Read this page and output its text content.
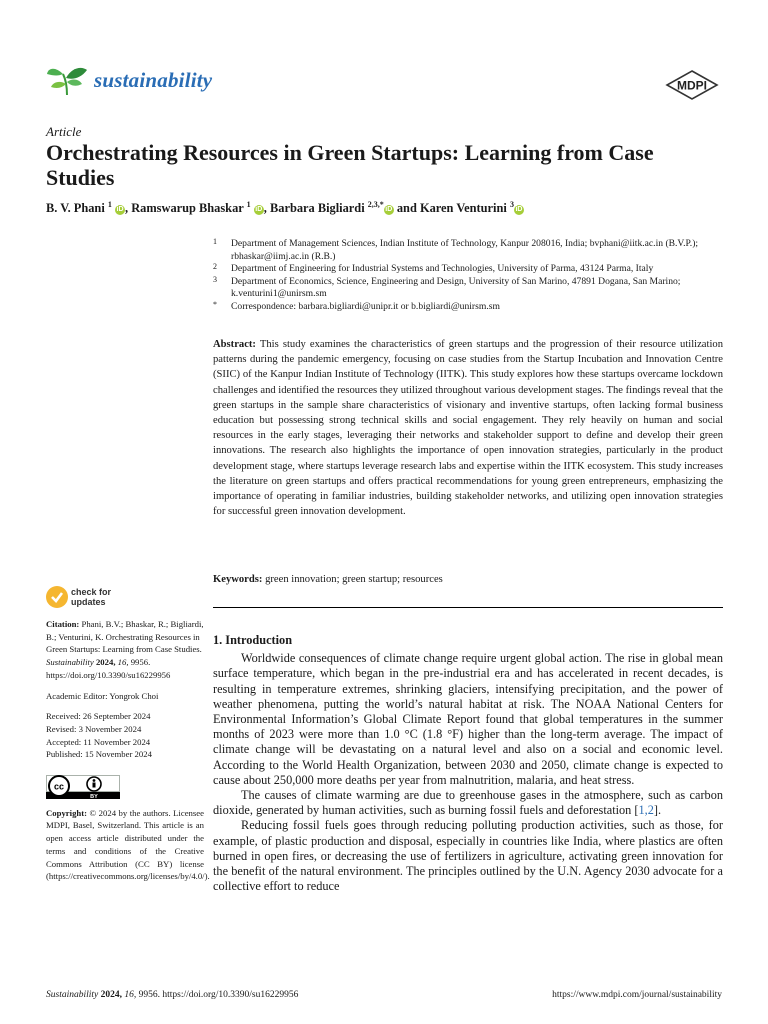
sustainability	MDPI
Article
Orchestrating Resources in Green Startups: Learning from Case Studies
B. V. Phani $^1$ iD , Ramswarup Bhaskar $^1$ iD , Barbara Bigliardi $^{2,3,*}$iD and Karen Venturini $^3$iD
1 Department of Management Sciences, Indian Institute of Technology, Kanpur 208016, India; bvphani@iitk.ac.in (B.V.P.); rbhaskar@iimj.ac.in (R.B.)
2 Department of Engineering for Industrial Systems and Technologies, University of Parma, 43124 Parma, Italy
3 Department of Economics, Science, Engineering and Design, University of San Marino, 47891 Dogana, San Marino; k.venturini1@unirsm.sm
* Correspondence: barbara.bigliardi@unipr.it or b.bigliardi@unirsm.sm
Abstract: This study examines the characteristics of green startups and the progression of their resource utilization patterns during the pandemic emergency, focusing on case studies from the Startup Incubation and Innovation Centre (SIIC) of the Kanpur Indian Institute of Technology (IITK). This study explores how these startups overcame lockdown challenges and identified the resources they utilized throughout various development stages. The findings reveal that the green startups in the sample share characteristics of visionary and inventive startups, often lacking formal business education but possessing strong technical skills and social engagement. They rely heavily on human and social resources in the early stages, leveraging their networks and stakeholder support to define and develop their green innovations. The research also highlights the importance of open innovation strategies, particularly in the product development stage, where startups leverage research labs and expertise within the IITK ecosystem. This study increases the literature on green startups and offers practical recommendations for young green entrepreneurs, emphasizing the importance of operating in familiar industries, building stakeholder networks, and utilizing open innovation strategies for successful green innovation development.
Keywords: green innovation; green startup; resources
check for
updates
Citation: Phani, B.V.; Bhaskar, R.; Bigliardi, B.; Venturini, K. Orchestrating Resources in Green Startups: Learning from Case Studies. Sustainability 2024, 16, 9956. https://doi.org/10.3390/su16229956
Academic Editor: Yongrok Choi
Received: 26 September 2024
Revised: 3 November 2024
Accepted: 11 November 2024
Published: 15 November 2024
cc
BY
Copyright: © 2024 by the authors. Licensee MDPI, Basel, Switzerland. This article is an open access article distributed under the terms and conditions of the Creative Commons Attribution (CC BY) license (https://creativecommons.org/licenses/by/4.0/).
1. Introduction

Worldwide consequences of climate change require urgent global action. The rise in global mean surface temperature, which began in the pre-industrial era and has accelerated in recent decades, is resulting in temperature extremes, shrinking glaciers, intensifying precipitation, and the power of weather phenomena, putting the world’s natural habitat at risk. The NOAA National Centers for Environmental Information’s Global Climate Report found that global temperatures in the summer months of 2023 were more than 1.0 °C (1.8 °F) higher than the long-term average. The impact of climate change will be devastating on a natural level and also on a social and economic level. According to the World Health Organization, between 2030 and 2050, climate change is expected to cause about 250,000 more deaths per year from malnutrition, malaria, and heat stress.

The causes of climate warming are due to greenhouse gases in the atmosphere, such as carbon dioxide, generated by human activities, such as burning fossil fuels and deforestation [1,2].

Reducing fossil fuels goes through reducing polluting production activities, such as those, for example, of plastic production and disposal, especially in countries like India, where plastics are often burned in open fires, or decreasing the use of fertilizers in agriculture, activating green innovation for the benefit of the natural environment. The principles outlined by the U.N. Agency 2030 advocate for a collective effort to reduce

Sustainability 2024, 16, 9956. https://doi.org/10.3390/su16229956	https://www.mdpi.com/journal/sustainability
